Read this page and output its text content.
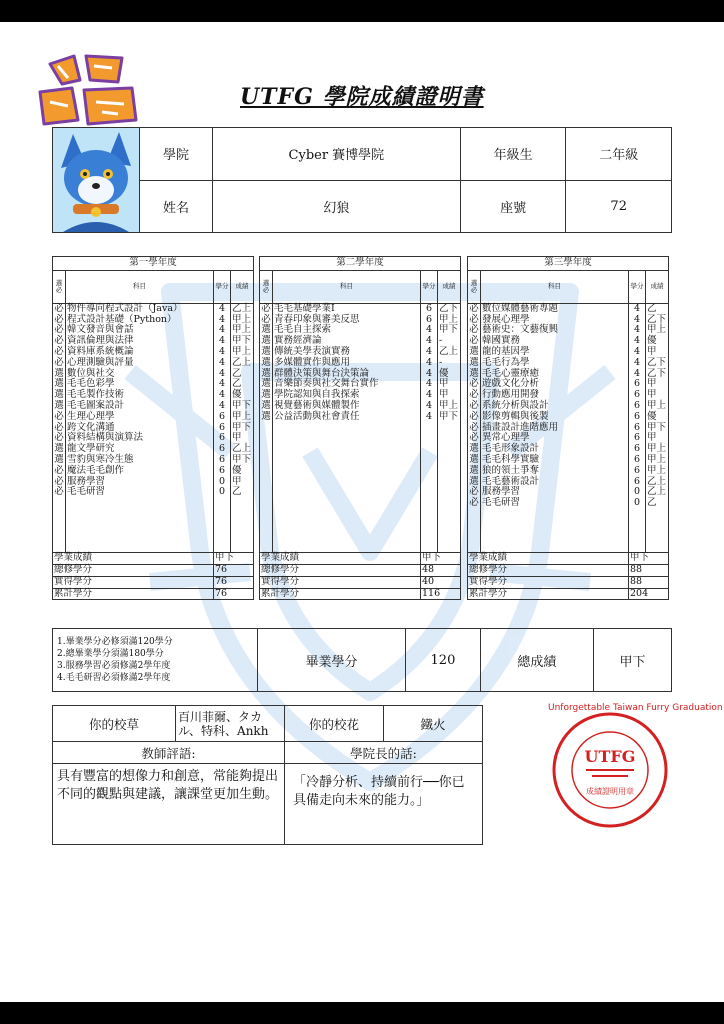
UTFG 學院成績證明書
	學院	Cyber 賽博學院	年級生	二年級
	姓名	幻狼	座號	72
第一學年度			
選必	科目	學分	成績
必	物件導向程式設計（Java）	4	乙上
必	程式設計基礎（Python）	4	甲上
必	韓文發音與會話	4	甲上
必	資訊倫理與法律	4	甲下
必	資料庫系統概論	4	甲上
必	心理測驗與評量	4	乙上
選	數位與社交	4	乙
選	毛毛色彩學	4	乙
選	毛毛製作技術	4	優
選	毛毛圖案設計	4	甲下
必	生理心理學	6	甲上
必	跨文化溝通	6	甲下
必	資料結構與演算法	6	甲
選	龍文學研究	6	乙上
選	雪豹與寒冷生態	6	甲下
必	魔法毛毛創作	6	優
必	服務學習	0	甲
必	毛毛研習	0	乙

學業成績		甲下	
總修學分		76	
實得學分		76	
累計學分		76	
第二學年度			
選必	科目	學分	成績
必	毛毛基礎學業I	6	乙下
必	青春印象與審美反思	6	甲上
選	毛毛自主探索	4	甲下
選	實務經濟論	4	-
選	傳統美學表演實務	4	乙上
選	多媒體實作與應用	4	-
選	群體決策與舞台決策論	4	優
選	音樂節奏與社交舞台實作	4	甲
選	學院認知與自我探索	4	甲
選	視覺藝術與媒體製作	4	甲上
選	公益活動與社會責任	4	甲下

學業成績		甲下	
總修學分		48	
實得學分		40	
累計學分		116	
第三學年度			
選必	科目	學分	成績
必	數位媒體藝術專題	4	乙
必	發展心理學	4	乙下
必	藝術史：文藝復興	4	甲上
必	韓國實務	4	優
選	龍的基因學	4	甲
選	毛毛行為學	4	乙下
選	毛毛心靈療癒	4	乙下
必	遊戲文化分析	6	甲
必	行動應用開發	6	甲
必	系統分析與設計	6	甲上
必	影像剪輯與後製	6	優
必	插畫設計進階應用	6	甲下
必	異常心理學	6	甲
選	毛毛形象設計	6	甲上
選	毛毛科學實驗	6	甲上
選	狼的領土爭奪	6	甲上
選	毛毛藝術設計	6	乙上
必	服務學習	0	乙上
必	毛毛研習	0	乙

學業成績		甲下	
總修學分		88	
實得學分		88	
累計學分		204	
1.畢業學分必修須滿120學分
2.總畢業學分須滿180學分
3.服務學習必須修滿2學年度
4.毛毛研習必須修滿2學年度
	畢業學分	120	總成績	甲下
你的校草	百川菲爾、タカル、特科、Ankh	你的校花	鐵火	
教師評語:		學院長的話:		
具有豐富的想像力和創意，常能夠提出不同的觀點與建議，讓課堂更加生動。		「冷靜分析、持續前行──你已具備走向未來的能力。」		
Unforgettable Taiwan Furry Graduation
UTFG
成績證明用章
